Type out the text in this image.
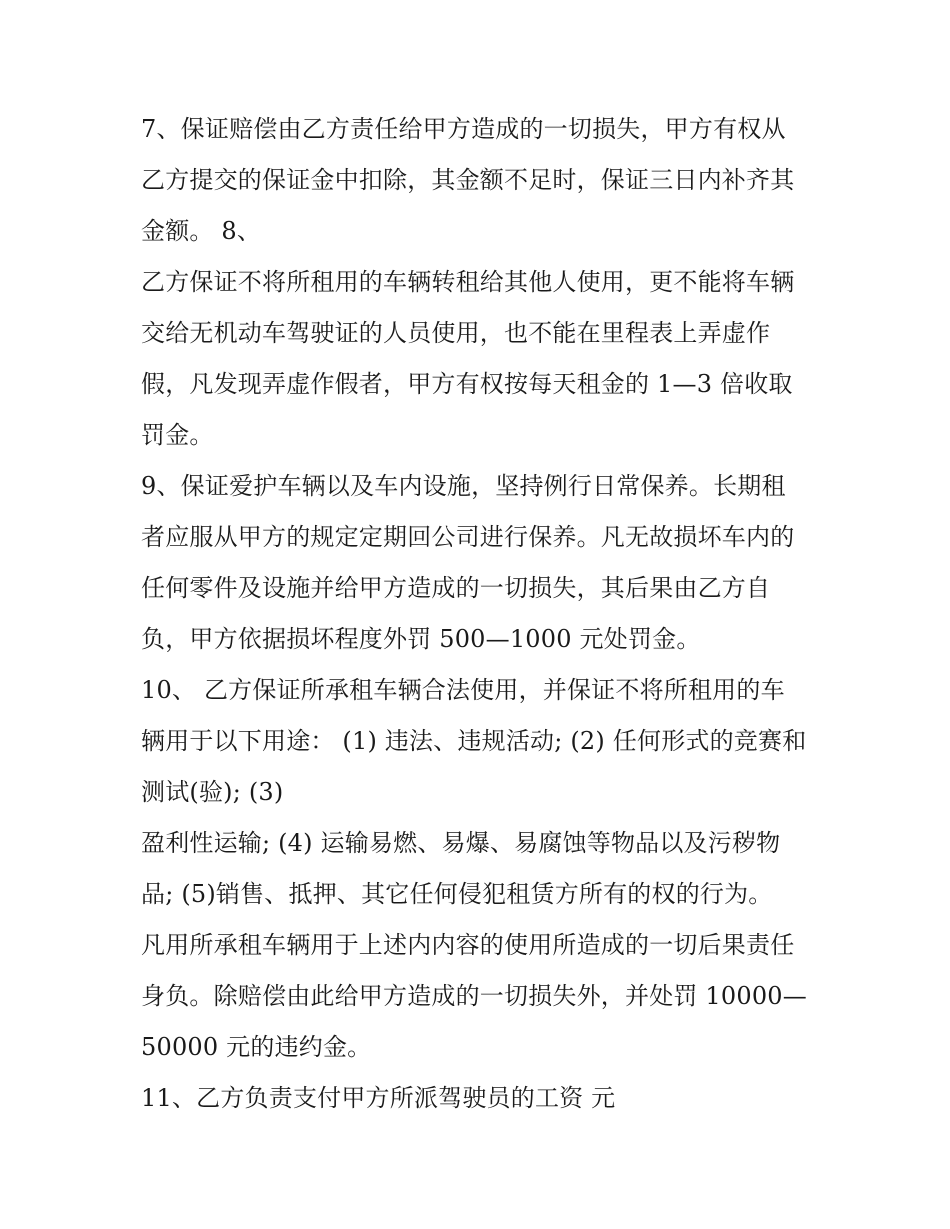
7、保证赔偿由乙方责任给甲方造成的一切损失，甲方有权从
乙方提交的保证金中扣除，其金额不足时，保证三日内补齐其
金额。 8、
乙方保证不将所租用的车辆转租给其他人使用，更不能将车辆
交给无机动车驾驶证的人员使用，也不能在里程表上弄虚作
假，凡发现弄虚作假者，甲方有权按每天租金的 1—3 倍收取
罚金。
9、保证爱护车辆以及车内设施，坚持例行日常保养。长期租
者应服从甲方的规定定期回公司进行保养。凡无故损坏车内的
任何零件及设施并给甲方造成的一切损失，其后果由乙方自
负，甲方依据损坏程度外罚 500—1000 元处罚金。
10、 乙方保证所承租车辆合法使用，并保证不将所租用的车
辆用于以下用途： (1) 违法、违规活动; (2) 任何形式的竞赛和
测试(验); (3)
盈利性运输; (4) 运输易燃、易爆、易腐蚀等物品以及污秽物
品; (5)销售、抵押、其它任何侵犯租赁方所有的权的行为。
凡用所承租车辆用于上述内内容的使用所造成的一切后果责任
身负。除赔偿由此给甲方造成的一切损失外，并处罚 10000—
50000 元的违约金。
11、乙方负责支付甲方所派驾驶员的工资 元
